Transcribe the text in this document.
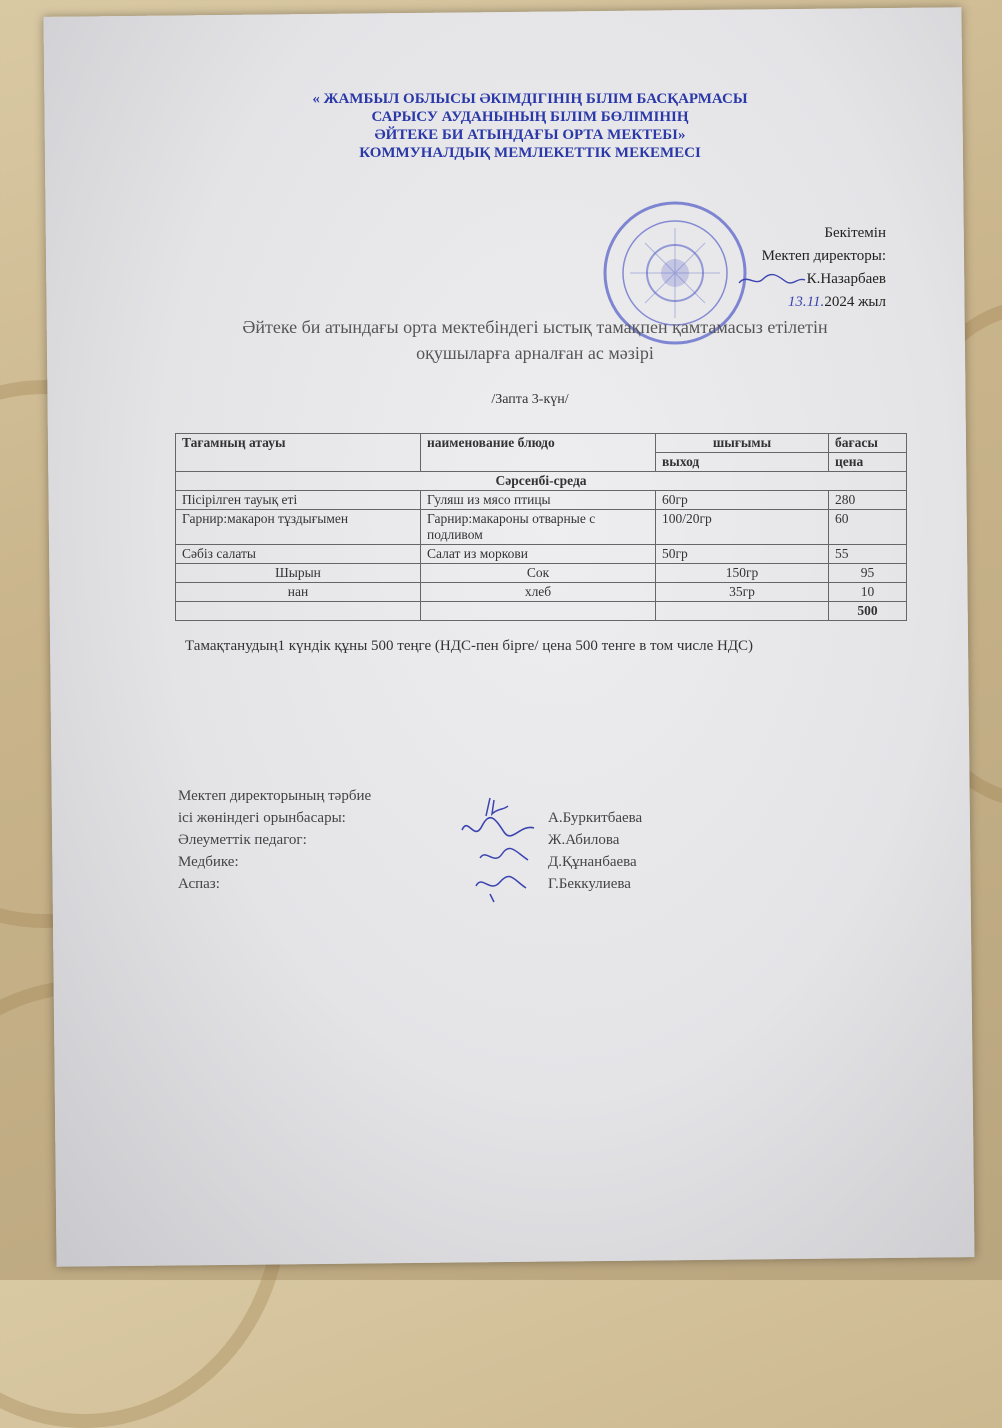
« ЖАМБЫЛ ОБЛЫСЫ ӘКІМДІГІНІҢ БІЛІМ БАСҚАРМАСЫ
САРЫСУ АУДАНЫНЫҢ БІЛІМ БӨЛІМІНІҢ
ӘЙТЕКЕ БИ АТЫНДАҒЫ ОРТА МЕКТЕБІ»
КОММУНАЛДЫҚ МЕМЛЕКЕТТІК МЕКЕМЕСІ
Бекітемін
Мектеп директоры:
К.Назарбаев
13.11.2024 жыл
Әйтеке би атындағы орта мектебіндегі ыстық тамақпен қамтамасыз етілетін
оқушыларға арналған ас мәзірі
/Запта 3-күн/
Тағамның атауы	наименование блюдо	шығымы	бағасы
		выход	цена
Сәрсенбі-среда			
Пісірілген тауық еті	Гуляш из мясо птицы	60гр	280
Гарнир:макарон тұздығымен	Гарнир:макароны отварные с подливом	100/20гр	60
Сәбіз салаты	Салат из моркови	50гр	55
Шырын	Сок	150гр	95
нан	хлеб	35гр	10
			500
Тамақтанудың1 күндік құны 500 теңге (НДС-пен бірге/ цена 500 тенге в том числе НДС)
Мектеп директорының тәрбие
ісі жөніндегі орынбасары:	А.Буркитбаева
Әлеуметтік педагог:	Ж.Абилова
Медбике:	Д.Құнанбаева
Аспаз:	Г.Беккулиева
